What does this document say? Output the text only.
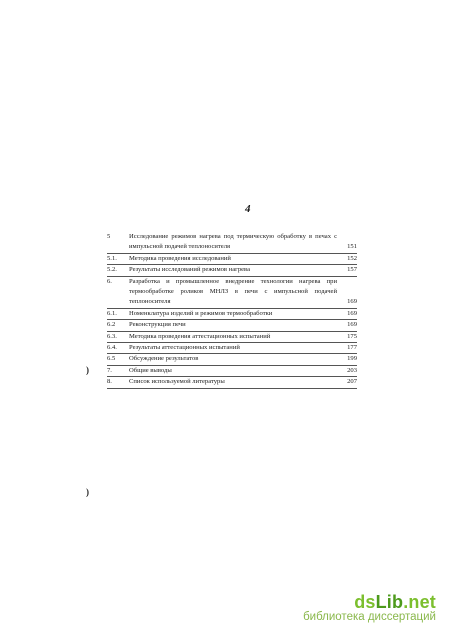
4
5	Исследование режимов нагрева под термическую обработку в печах с импульсной подачей теплоносителя	151
5.1. Методика проведения исследований	152
5.2. Результаты исследований режимов нагрева	157
6.	Разработка и промышленное внедрение технологии нагрева при термообработке роликов МНЛЗ в печи с импульсной подачей теплоносителя	169
6.1. Номенклатура изделий и режимов термообработки	169
6.2 Реконструкция печи	169
6.3. Методика проведения аттестационных испытаний	175
6.4. Результаты аттестационных испытаний	177
6.5 Обсуждение результатов	199
7.	Общие выводы	203
8.	Список используемой литературы	207
)
)
dsLib.net
библиотека диссертаций
